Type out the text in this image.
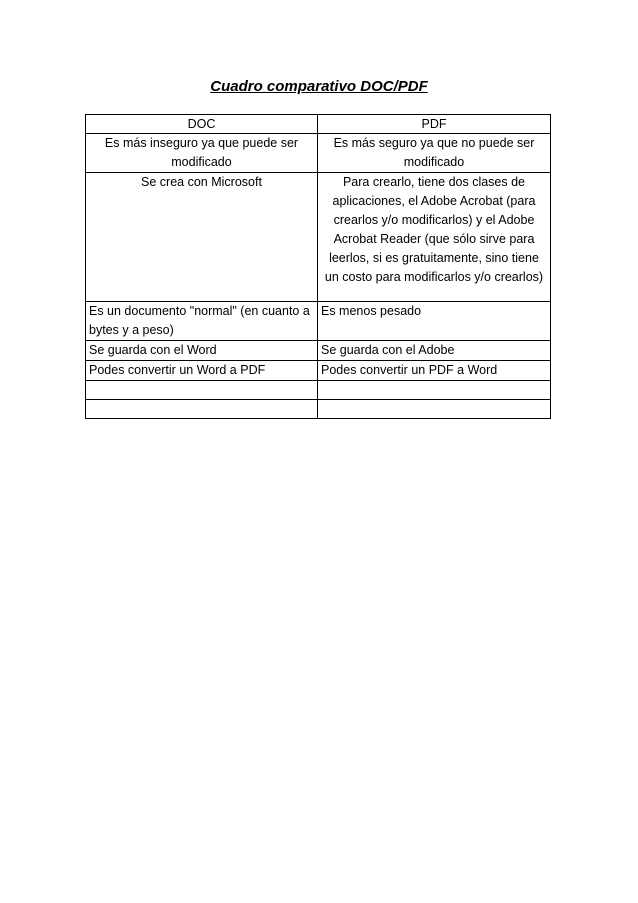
Cuadro comparativo DOC/PDF
DOC	PDF
Es más inseguro ya que puede ser modificado	Es más seguro ya que no puede ser modificado
Se crea con Microsoft	Para crearlo, tiene dos clases de aplicaciones, el Adobe Acrobat (para crearlos y/o modificarlos) y el Adobe Acrobat Reader (que sólo sirve para leerlos, si es gratuitamente, sino tiene un costo para modificarlos y/o crearlos)
Es un documento "normal" (en cuanto a bytes y a peso)	Es menos pesado
Se guarda con el Word	Se guarda con el Adobe
Podes convertir un Word a PDF	Podes convertir un PDF a Word
